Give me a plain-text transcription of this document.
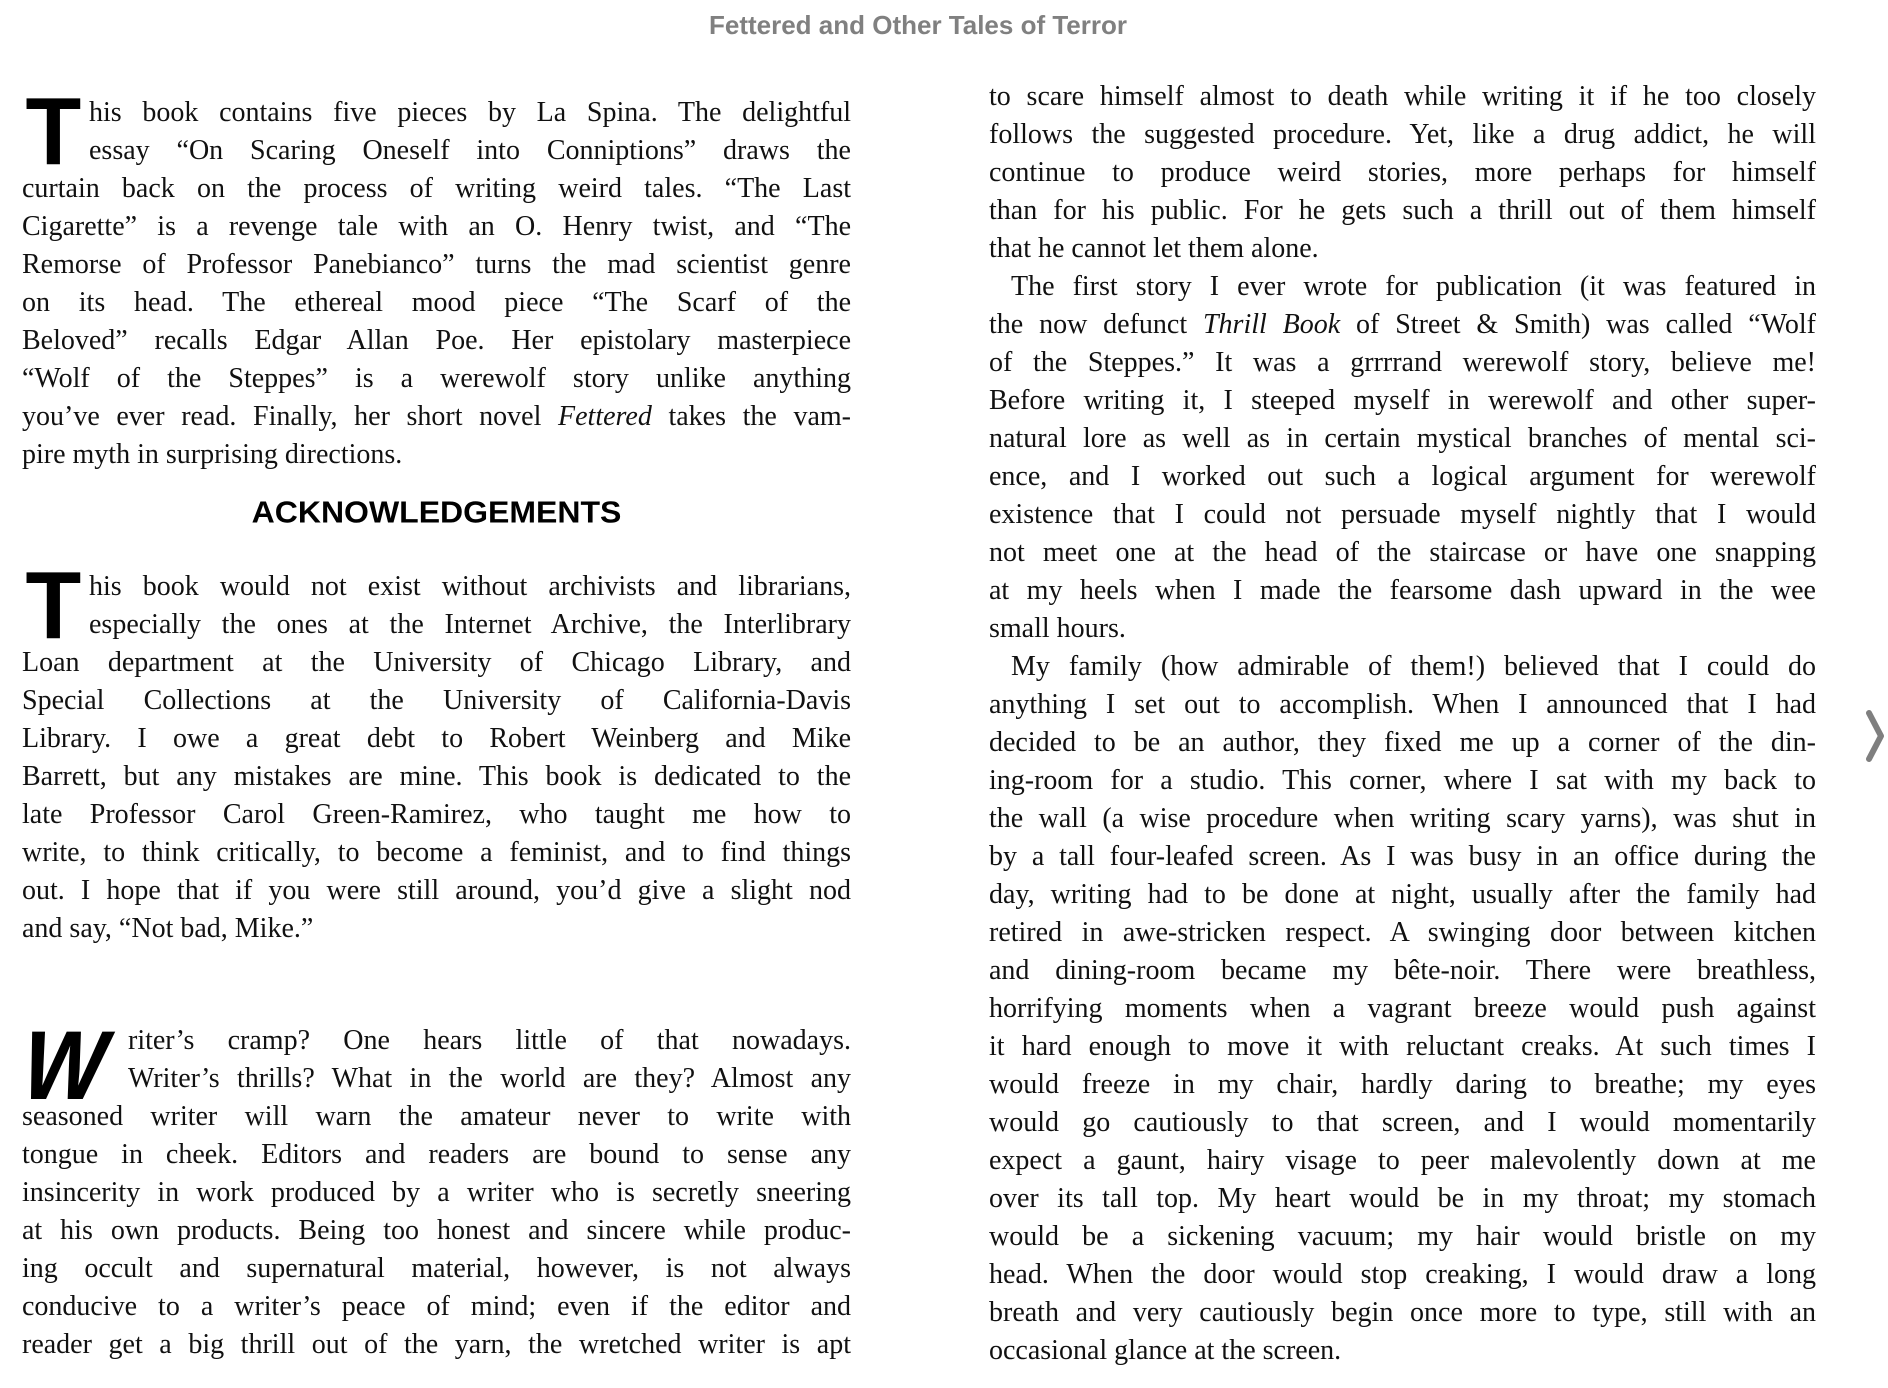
Fettered and Other Tales of Terror
T his book contains five pieces by La Spina. The delightful
essay “On Scaring Oneself into Conniptions” draws the
curtain back on the process of writing weird tales. “The Last
Cigarette” is a revenge tale with an O. Henry twist, and “The
Remorse of Professor Panebianco” turns the mad scientist genre
on its head. The ethereal mood piece “The Scarf of the
Beloved” recalls Edgar Allan Poe. Her epistolary masterpiece
“Wolf of the Steppes” is a werewolf story unlike anything
you’ve ever read. Finally, her short novel Fettered takes the vam-
pire myth in surprising directions.
ACKNOWLEDGEMENTS
T his book would not exist without archivists and librarians,
especially the ones at the Internet Archive, the Interlibrary
Loan department at the University of Chicago Library, and
Special Collections at the University of California-Davis
Library. I owe a great debt to Robert Weinberg and Mike
Barrett, but any mistakes are mine. This book is dedicated to the
late Professor Carol Green-Ramirez, who taught me how to
write, to think critically, to become a feminist, and to find things
out. I hope that if you were still around, you’d give a slight nod
and say, “Not bad, Mike.”
W riter’s cramp? One hears little of that nowadays.
Writer’s thrills? What in the world are they? Almost any
seasoned writer will warn the amateur never to write with
tongue in cheek. Editors and readers are bound to sense any
insincerity in work produced by a writer who is secretly sneering
at his own products. Being too honest and sincere while produc-
ing occult and supernatural material, however, is not always
conducive to a writer’s peace of mind; even if the editor and
reader get a big thrill out of the yarn, the wretched writer is apt
to scare himself almost to death while writing it if he too closely
follows the suggested procedure. Yet, like a drug addict, he will
continue to produce weird stories, more perhaps for himself
than for his public. For he gets such a thrill out of them himself
that he cannot let them alone.
The first story I ever wrote for publication (it was featured in
the now defunct Thrill Book of Street & Smith) was called “Wolf
of the Steppes.” It was a grrrrand werewolf story, believe me!
Before writing it, I steeped myself in werewolf and other super-
natural lore as well as in certain mystical branches of mental sci-
ence, and I worked out such a logical argument for werewolf
existence that I could not persuade myself nightly that I would
not meet one at the head of the staircase or have one snapping
at my heels when I made the fearsome dash upward in the wee
small hours.
My family (how admirable of them!) believed that I could do
anything I set out to accomplish. When I announced that I had
decided to be an author, they fixed me up a corner of the din-
ing-room for a studio. This corner, where I sat with my back to
the wall (a wise procedure when writing scary yarns), was shut in
by a tall four-leafed screen. As I was busy in an office during the
day, writing had to be done at night, usually after the family had
retired in awe-stricken respect. A swinging door between kitchen
and dining-room became my bête-noir. There were breathless,
horrifying moments when a vagrant breeze would push against
it hard enough to move it with reluctant creaks. At such times I
would freeze in my chair, hardly daring to breathe; my eyes
would go cautiously to that screen, and I would momentarily
expect a gaunt, hairy visage to peer malevolently down at me
over its tall top. My heart would be in my throat; my stomach
would be a sickening vacuum; my hair would bristle on my
head. When the door would stop creaking, I would draw a long
breath and very cautiously begin once more to type, still with an
occasional glance at the screen.
